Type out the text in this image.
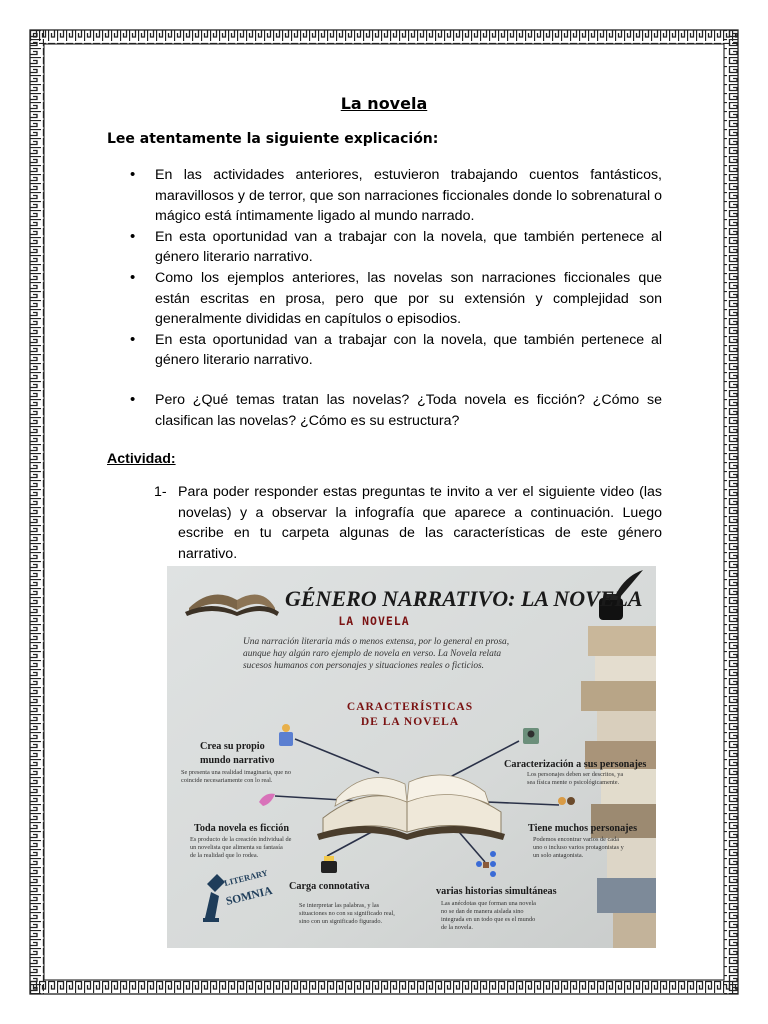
La novela
Lee atentamente la siguiente explicación:
• En las actividades anteriores, estuvieron trabajando cuentos fantásticos, maravillosos y de terror, que son narraciones ficcionales donde lo sobrenatural o mágico está íntimamente ligado al mundo narrado.
• En esta oportunidad van a trabajar con la novela, que también pertenece al género literario narrativo.
• Como los ejemplos anteriores, las novelas son narraciones ficcionales que están escritas en prosa, pero que por su extensión y complejidad son generalmente divididas en capítulos o episodios.
• En esta oportunidad van a trabajar con la novela, que también pertenece al género literario narrativo.
• Pero ¿Qué temas tratan las novelas? ¿Toda novela es ficción? ¿Cómo se clasifican las novelas? ¿Cómo es su estructura?
Actividad:
1- Para poder responder estas preguntas te invito a ver el siguiente video (las novelas) y a observar la infografía que aparece a continuación. Luego escribe en tu carpeta algunas de las características de este género narrativo.
GÉNERO NARRATIVO: LA NOVELA
LA NOVELA
Una narración literaria más o menos extensa, por lo general en prosa,
aunque hay algún raro ejemplo de novela en verso. La Novela relata
sucesos humanos con personajes y situaciones reales o ficticios.
CARACTERÍSTICAS
DE LA NOVELA
Crea su propio
mundo narrativo	Caracterización a sus personajes
Toda novela es ficción	Tiene muchos personajes
Carga connotativa	varias historias simultáneas
Se presenta una realidad imaginaria, que no
coincide necesariamente con lo real.
Los personajes deben ser descritos, ya
sea física mente o psicológicamente.
Es producto de la creación individual de
un novelista que alimenta su fantasía
de la realidad que lo rodea.
Podemos encontrar varios de cada
uno o incluso varios protagonistas y
un solo antagonista.
Se interpretar las palabras, y las
situaciones no con su significado real,
sino con un significado figurado.
Las anécdotas que forman una novela
no se dan de manera aislada sino
integrada en un todo que es el mundo
de la novela.
LITERARY
SOMNIA
